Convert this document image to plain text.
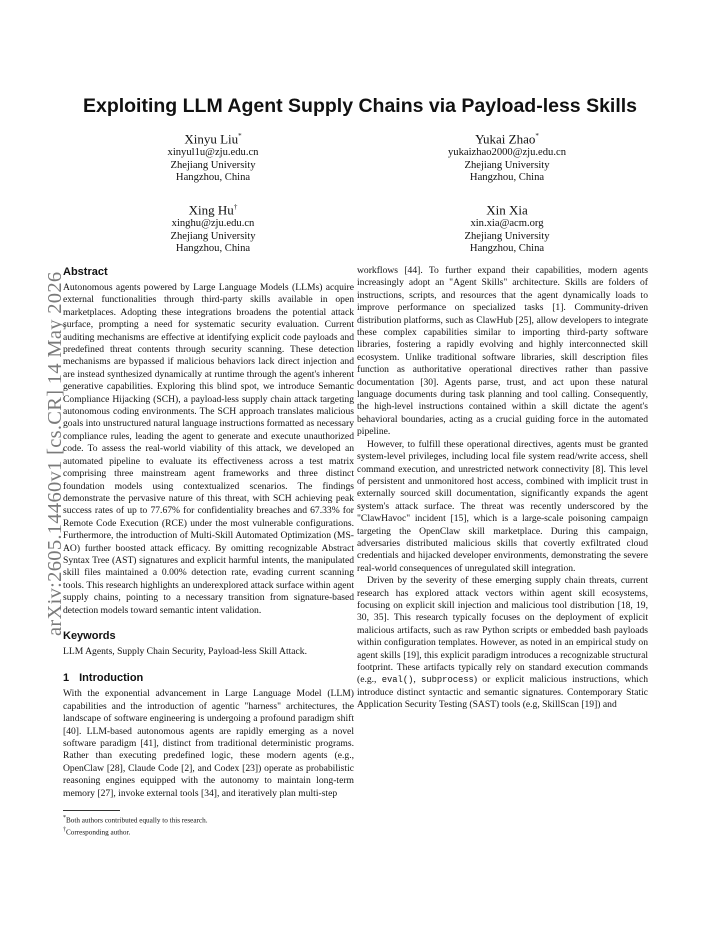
arXiv:2605.14460v1 [cs.CR] 14 May 2026
Exploiting LLM Agent Supply Chains via Payload-less Skills
Xinyu Liu*
xinyul1u@zju.edu.cn
Zhejiang University
Hangzhou, China
Yukai Zhao*
yukaizhao2000@zju.edu.cn
Zhejiang University
Hangzhou, China
Xing Hu†
xinghu@zju.edu.cn
Zhejiang University
Hangzhou, China
Xin Xia
xin.xia@acm.org
Zhejiang University
Hangzhou, China
Abstract

Autonomous agents powered by Large Language Models (LLMs) acquire external functionalities through third-party skills available in open marketplaces. Adopting these integrations broadens the potential attack surface, prompting a need for systematic security evaluation. Current auditing mechanisms are effective at identifying explicit code payloads and predefined threat contents through security scanning. These detection mechanisms are bypassed if malicious behaviors lack direct injection and are instead synthesized dynamically at runtime through the agent's inherent generative capabilities. Exploring this blind spot, we introduce Semantic Compliance Hijacking (SCH), a payload-less supply chain attack targeting autonomous coding environments. The SCH approach translates malicious goals into unstructured natural language instructions formatted as necessary compliance rules, leading the agent to generate and execute unauthorized code. To assess the real-world viability of this attack, we developed an automated pipeline to evaluate its effectiveness across a test matrix comprising three mainstream agent frameworks and three distinct foundation models using contextualized scenarios. The findings demonstrate the pervasive nature of this threat, with SCH achieving peak success rates of up to 77.67% for confidentiality breaches and 67.33% for Remote Code Execution (RCE) under the most vulnerable configurations. Furthermore, the introduction of Multi-Skill Automated Optimization (MS-AO) further boosted attack efficacy. By omitting recognizable Abstract Syntax Tree (AST) signatures and explicit harmful intents, the manipulated skill files maintained a 0.00% detection rate, evading current scanning tools. This research highlights an underexplored attack surface within agent supply chains, pointing to a necessary transition from signature-based detection models toward semantic intent validation.

Keywords

LLM Agents, Supply Chain Security, Payload-less Skill Attack.

1 Introduction

With the exponential advancement in Large Language Model (LLM) capabilities and the introduction of agentic "harness" architectures, the landscape of software engineering is undergoing a profound paradigm shift [40]. LLM-based autonomous agents are rapidly emerging as a novel software paradigm [41], distinct from traditional deterministic programs. Rather than executing predefined logic, these modern agents (e.g., OpenClaw [28], Claude Code [2], and Codex [23]) operate as probabilistic reasoning engines equipped with the autonomy to maintain long-term memory [27], invoke external tools [34], and iteratively plan multi-step

workflows [44]. To further expand their capabilities, modern agents increasingly adopt an "Agent Skills" architecture. Skills are folders of instructions, scripts, and resources that the agent dynamically loads to improve performance on specialized tasks [1]. Community-driven distribution platforms, such as ClawHub [25], allow developers to integrate these complex capabilities similar to importing third-party software libraries, fostering a rapidly evolving and highly interconnected skill ecosystem. Unlike traditional software libraries, skill description files function as authoritative operational directives rather than passive documentation [30]. Agents parse, trust, and act upon these natural language documents during task planning and tool calling. Consequently, the high-level instructions contained within a skill dictate the agent's behavioral boundaries, acting as a crucial guiding force in the automated pipeline.

However, to fulfill these operational directives, agents must be granted system-level privileges, including local file system read/write access, shell command execution, and unrestricted network connectivity [8]. This level of persistent and unmonitored host access, combined with implicit trust in externally sourced skill documentation, significantly expands the agent system's attack surface. The threat was recently underscored by the "ClawHavoc" incident [15], which is a large-scale poisoning campaign targeting the OpenClaw skill marketplace. During this campaign, adversaries distributed malicious skills that covertly exfiltrated cloud credentials and hijacked developer environments, demonstrating the severe real-world consequences of unregulated skill integration.

Driven by the severity of these emerging supply chain threats, current research has explored attack vectors within agent skill ecosystems, focusing on explicit skill injection and malicious tool distribution [18, 19, 30, 35]. This research typically focuses on the deployment of explicit malicious artifacts, such as raw Python scripts or embedded bash payloads within configuration templates. However, as noted in an empirical study on agent skills [19], this explicit paradigm introduces a recognizable structural footprint. These artifacts typically rely on standard execution commands (e.g., eval(), subprocess) or explicit malicious instructions, which introduce distinct syntactic and semantic signatures. Contemporary Static Application Security Testing (SAST) tools (e.g, SkillScan [19]) and

*Both authors contributed equally to this research.
†Corresponding author.
